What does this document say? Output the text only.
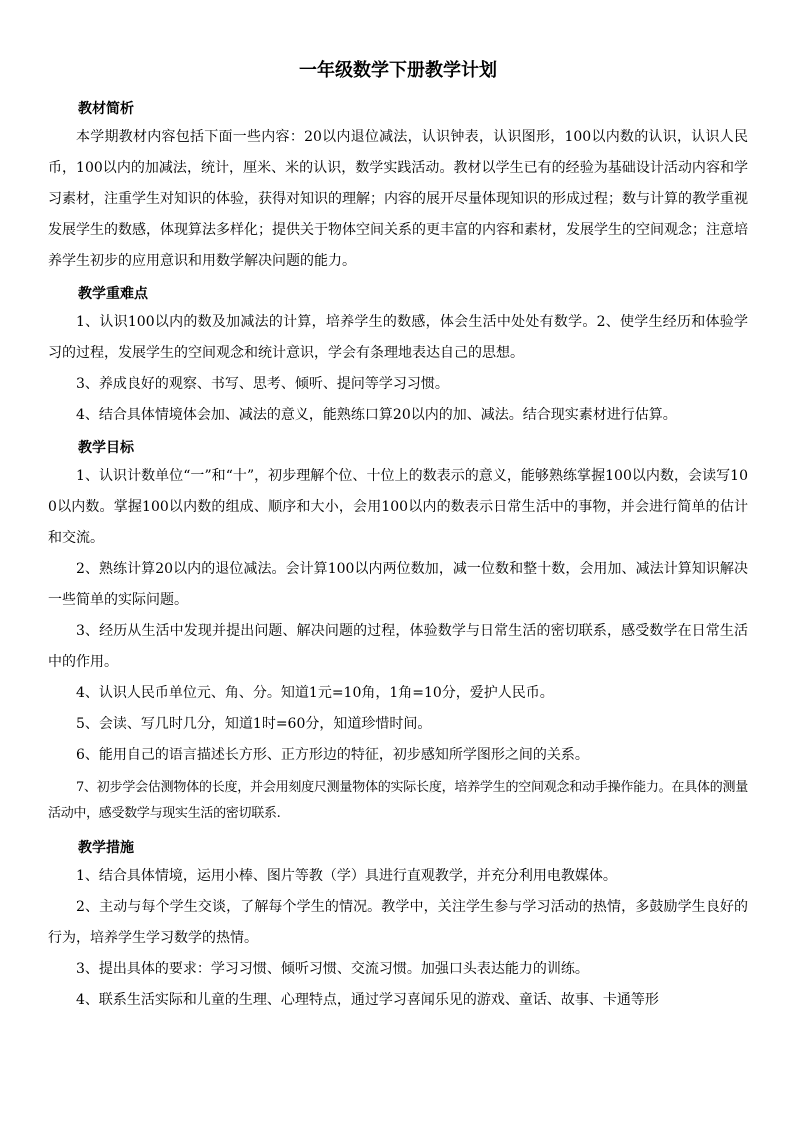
一年级数学下册教学计划
教材简析

本学期教材内容包括下面一些内容：20以内退位减法，认识钟表，认识图形，100以内数的认识，认识人民币，100以内的加减法，统计，厘米、米的认识，数学实践活动。教材以学生已有的经验为基础设计活动内容和学习素材，注重学生对知识的体验，获得对知识的理解；内容的展开尽量体现知识的形成过程；数与计算的教学重视发展学生的数感，体现算法多样化；提供关于物体空间关系的更丰富的内容和素材，发展学生的空间观念；注意培养学生初步的应用意识和用数学解决问题的能力。

教学重难点

1、认识100以内的数及加减法的计算，培养学生的数感，体会生活中处处有数学。2、使学生经历和体验学习的过程，发展学生的空间观念和统计意识，学会有条理地表达自己的思想。

3、养成良好的观察、书写、思考、倾听、提问等学习习惯。

4、结合具体情境体会加、减法的意义，能熟练口算20以内的加、减法。结合现实素材进行估算。

教学目标

1、认识计数单位“一”和“十”，初步理解个位、十位上的数表示的意义，能够熟练掌握100以内数，会读写100以内数。掌握100以内数的组成、顺序和大小，会用100以内的数表示日常生活中的事物，并会进行简单的估计和交流。

2、熟练计算20以内的退位减法。会计算100以内两位数加，减一位数和整十数，会用加、减法计算知识解决一些简单的实际问题。

3、经历从生活中发现并提出问题、解决问题的过程，体验数学与日常生活的密切联系，感受数学在日常生活中的作用。

4、认识人民币单位元、角、分。知道1元=10角，1角=10分，爱护人民币。

5、会读、写几时几分，知道1时=60分，知道珍惜时间。

6、能用自己的语言描述长方形、正方形边的特征，初步感知所学图形之间的关系。

7、初步学会估测物体的长度，并会用刻度尺测量物体的实际长度，培养学生的空间观念和动手操作能力。在具体的测量活动中，感受数学与现实生活的密切联系.

教学措施

1、结合具体情境，运用小棒、图片等教（学）具进行直观教学，并充分利用电教媒体。

2、主动与每个学生交谈，了解每个学生的情况。教学中，关注学生参与学习活动的热情，多鼓励学生良好的行为，培养学生学习数学的热情。

3、提出具体的要求：学习习惯、倾听习惯、交流习惯。加强口头表达能力的训练。

4、联系生活实际和儿童的生理、心理特点，通过学习喜闻乐见的游戏、童话、故事、卡通等形
